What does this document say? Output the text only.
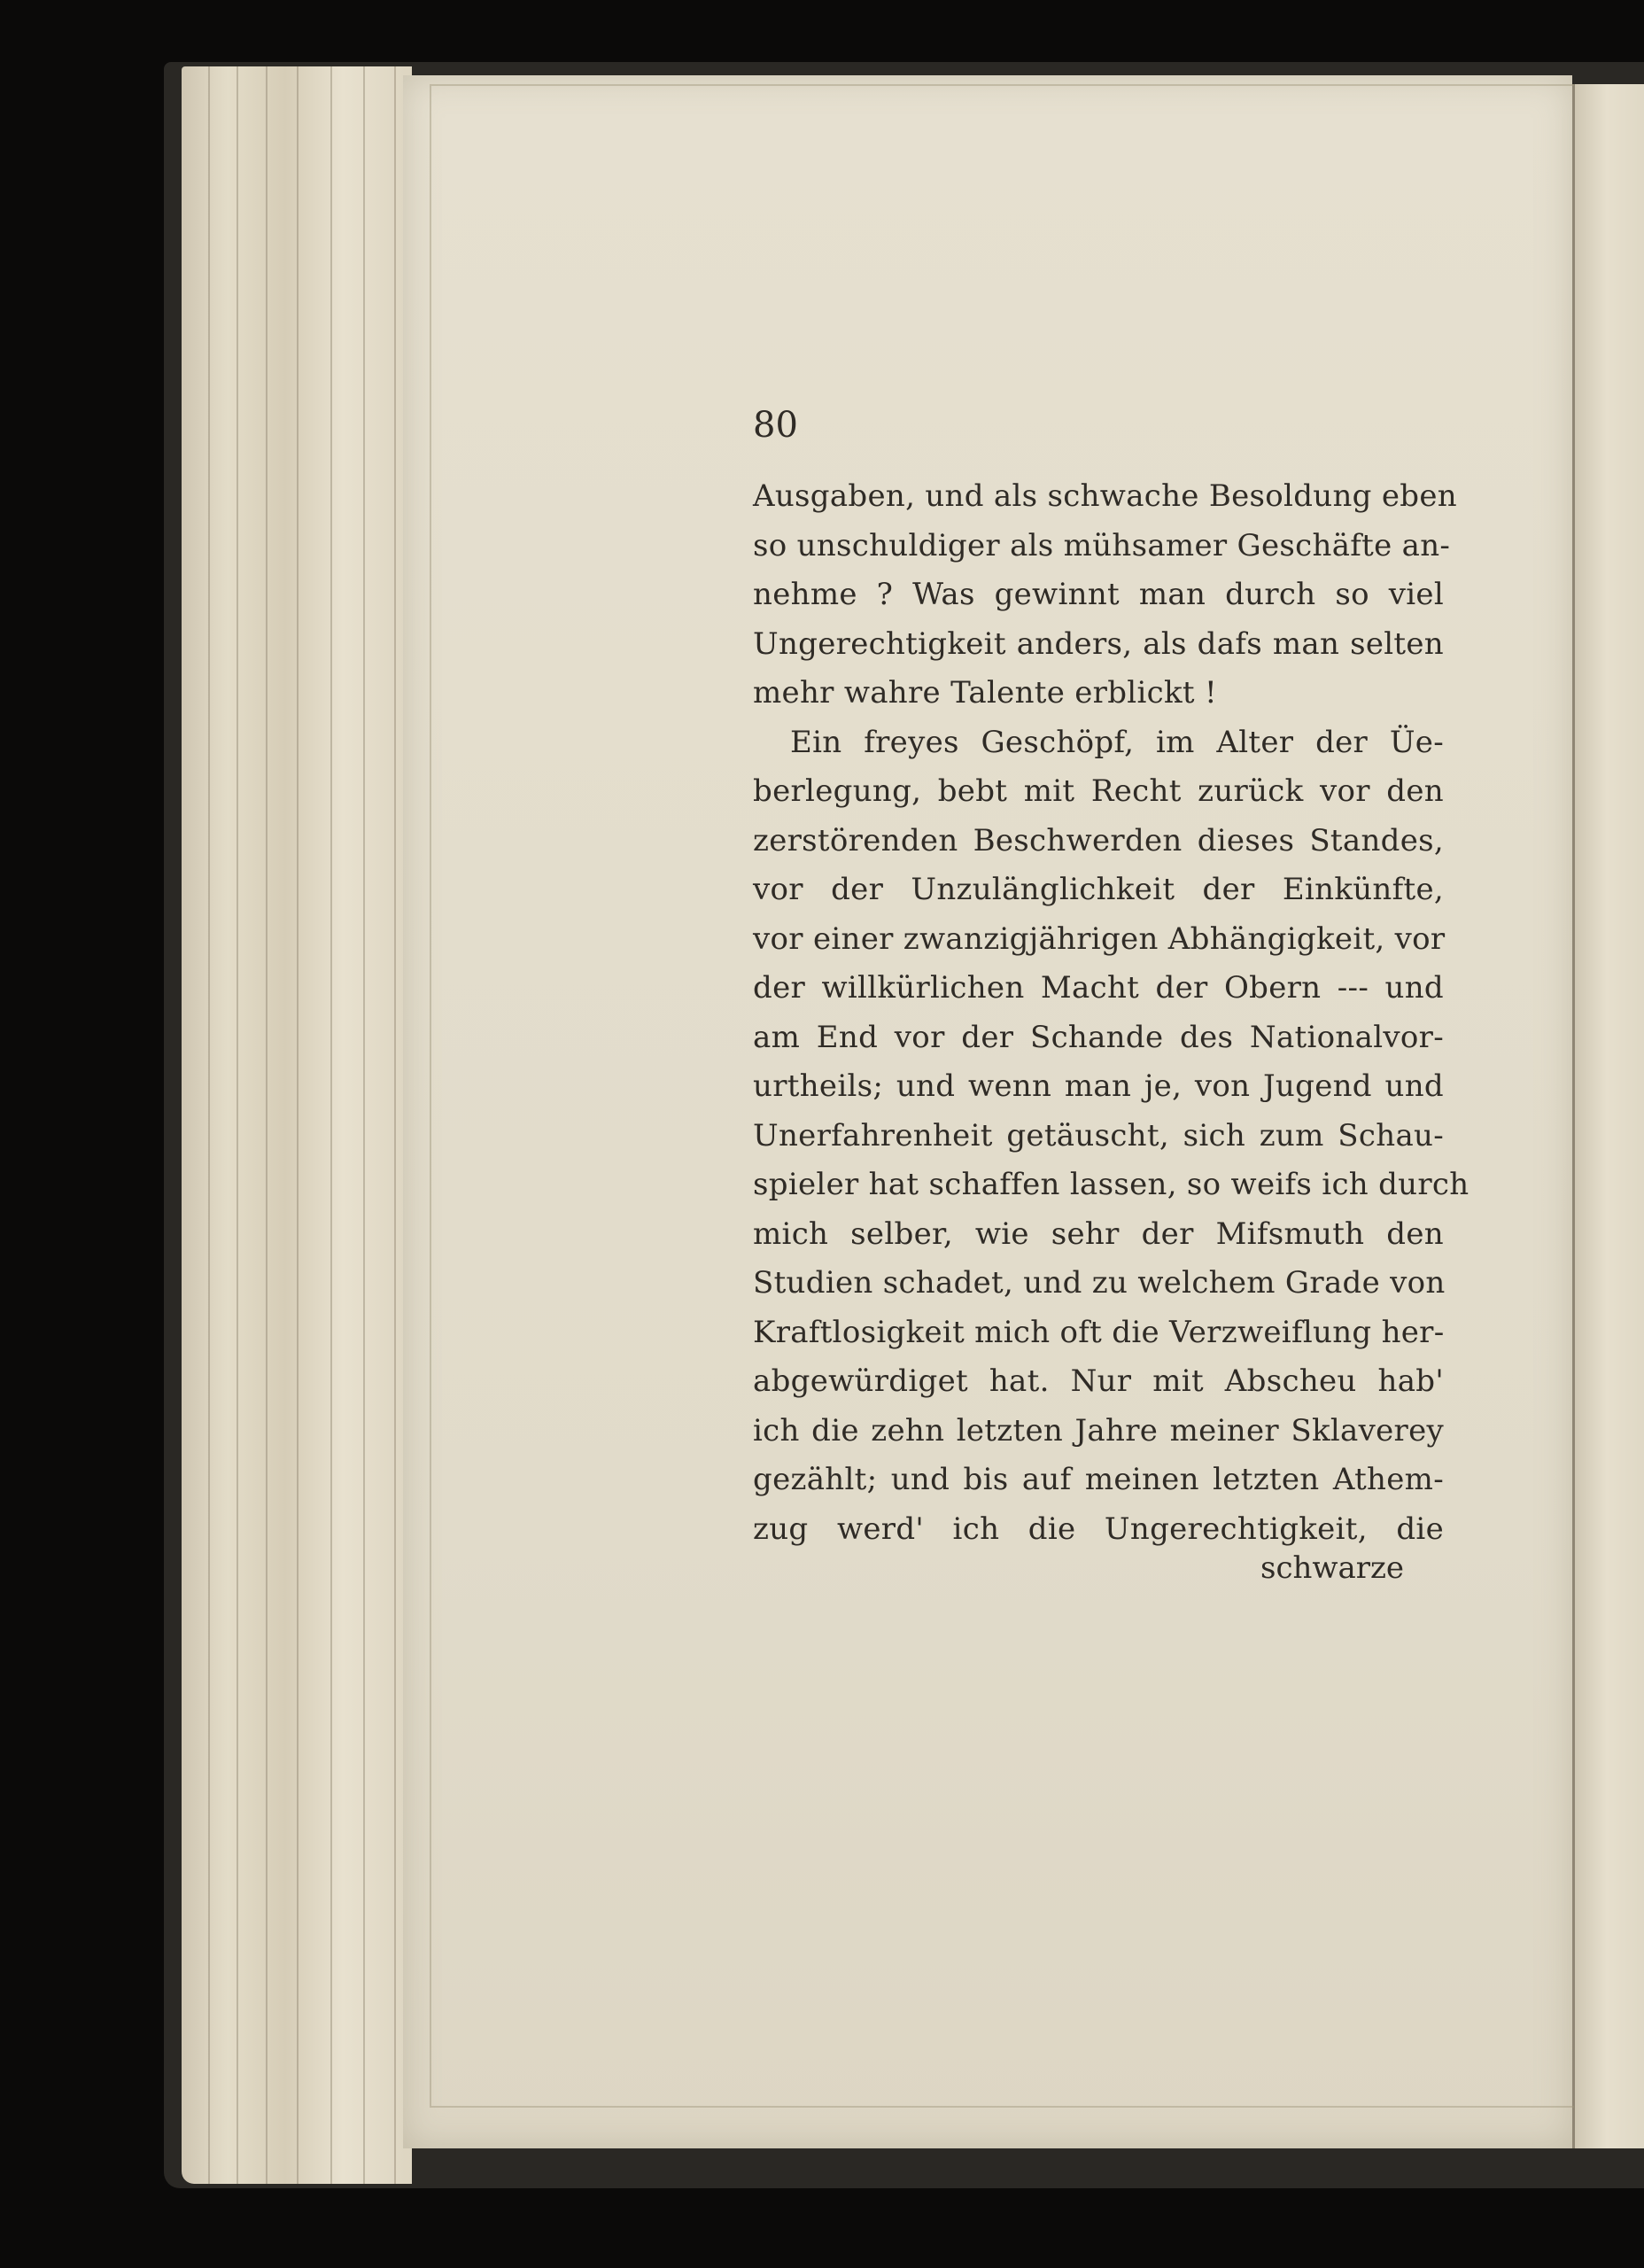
80
Ausgaben, und als schwache Besoldung eben
so unschuldiger als mühsamer Geschäfte an-
nehme ? Was gewinnt man durch so viel
Ungerechtigkeit anders, als dafs man selten
mehr wahre Talente erblickt !
Ein freyes Geschöpf, im Alter der Üe-
berlegung, bebt mit Recht zurück vor den
zerstörenden Beschwerden dieses Standes,
vor der Unzulänglichkeit der Einkünfte,
vor einer zwanzigjährigen Abhängigkeit, vor
der willkürlichen Macht der Obern --- und
am End vor der Schande des Nationalvor-
urtheils; und wenn man je, von Jugend und
Unerfahrenheit getäuscht, sich zum Schau-
spieler hat schaffen lassen, so weifs ich durch
mich selber, wie sehr der Mifsmuth den
Studien schadet, und zu welchem Grade von
Kraftlosigkeit mich oft die Verzweiflung her-
abgewürdiget hat. Nur mit Abscheu hab'
ich die zehn letzten Jahre meiner Sklaverey
gezählt; und bis auf meinen letzten Athem-
zug werd' ich die Ungerechtigkeit, die
schwarze
